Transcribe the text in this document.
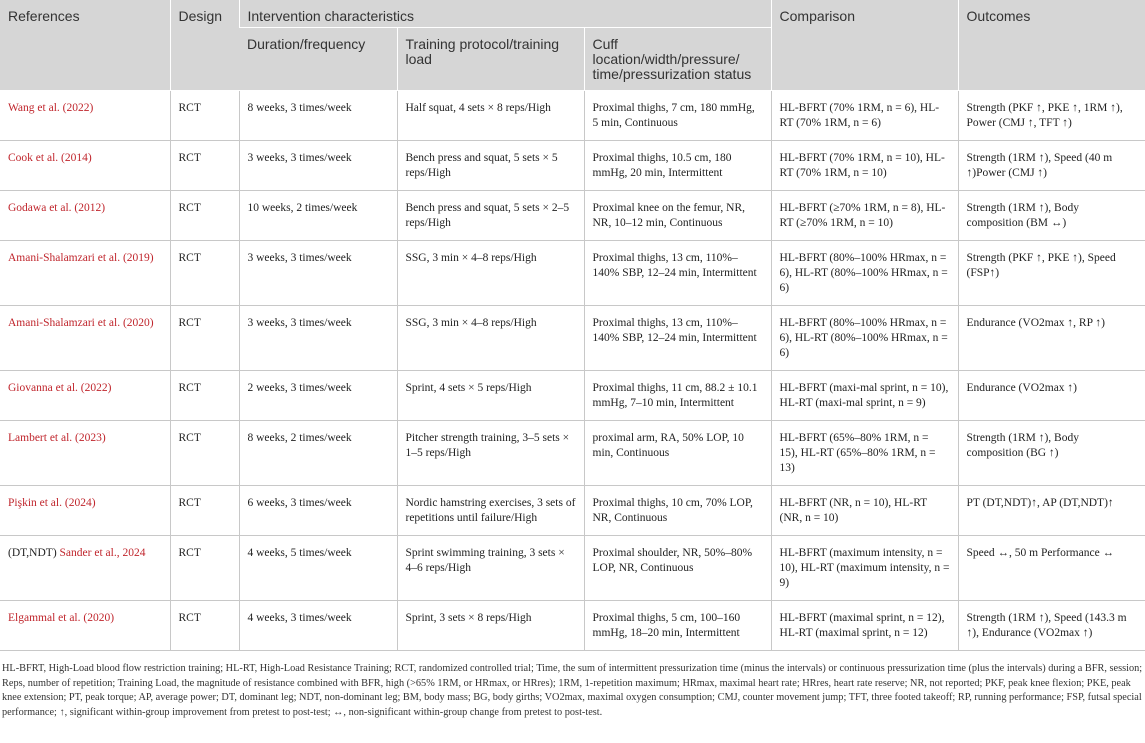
References	Design	Intervention characteristics			Comparison	Outcomes
		Duration/frequency	Training protocol/training load	Cuff location/width/pressure/ time/pressurization status		
Wang et al. (2022)	RCT	8 weeks, 3 times/week	Half squat, 4 sets × 8 reps/High	Proximal thighs, 7 cm, 180 mmHg, 5 min, Continuous	HL-BFRT (70% 1RM, n = 6), HL-RT (70% 1RM, n = 6)	Strength (PKF ↑, PKE ↑, 1RM ↑), Power (CMJ ↑, TFT ↑)
Cook et al. (2014)	RCT	3 weeks, 3 times/week	Bench press and squat, 5 sets × 5 reps/High	Proximal thighs, 10.5 cm, 180 mmHg, 20 min, Intermittent	HL-BFRT (70% 1RM, n = 10), HL-RT (70% 1RM, n = 10)	Strength (1RM ↑), Speed (40 m ↑)Power (CMJ ↑)
Godawa et al. (2012)	RCT	10 weeks, 2 times/week	Bench press and squat, 5 sets × 2–5 reps/High	Proximal knee on the femur, NR, NR, 10–12 min, Continuous	HL-BFRT (≥70% 1RM, n = 8), HL-RT (≥70% 1RM, n = 10)	Strength (1RM ↑), Body composition (BM ↔)
Amani-Shalamzari et al. (2019)	RCT	3 weeks, 3 times/week	SSG, 3 min × 4–8 reps/High	Proximal thighs, 13 cm, 110%–140% SBP, 12–24 min, Intermittent	HL-BFRT (80%–100% HRmax, n = 6), HL-RT (80%–100% HRmax, n = 6)	Strength (PKF ↑, PKE ↑), Speed (FSP↑)
Amani-Shalamzari et al. (2020)	RCT	3 weeks, 3 times/week	SSG, 3 min × 4–8 reps/High	Proximal thighs, 13 cm, 110%–140% SBP, 12–24 min, Intermittent	HL-BFRT (80%–100% HRmax, n = 6), HL-RT (80%–100% HRmax, n = 6)	Endurance (VO2max ↑, RP ↑)
Giovanna et al. (2022)	RCT	2 weeks, 3 times/week	Sprint, 4 sets × 5 reps/High	Proximal thighs, 11 cm, 88.2 ± 10.1 mmHg, 7–10 min, Intermittent	HL-BFRT (maxi-mal sprint, n = 10), HL-RT (maxi-mal sprint, n = 9)	Endurance (VO2max ↑)
Lambert et al. (2023)	RCT	8 weeks, 2 times/week	Pitcher strength training, 3–5 sets × 1–5 reps/High	proximal arm, RA, 50% LOP, 10 min, Continuous	HL-BFRT (65%–80% 1RM, n = 15), HL-RT (65%–80% 1RM, n = 13)	Strength (1RM ↑), Body composition (BG ↑)
Pişkin et al. (2024)	RCT	6 weeks, 3 times/week	Nordic hamstring exercises, 3 sets of repetitions until failure/High	Proximal thighs, 10 cm, 70% LOP, NR, Continuous	HL-BFRT (NR, n = 10), HL-RT (NR, n = 10)	PT (DT,NDT)↑, AP (DT,NDT)↑
(DT,NDT) Sander et al., 2024	RCT	4 weeks, 5 times/week	Sprint swimming training, 3 sets × 4–6 reps/High	Proximal shoulder, NR, 50%–80% LOP, NR, Continuous	HL-BFRT (maximum intensity, n = 10), HL-RT (maximum intensity, n = 9)	Speed ↔, 50 m Performance ↔
Elgammal et al. (2020)	RCT	4 weeks, 3 times/week	Sprint, 3 sets × 8 reps/High	Proximal thighs, 5 cm, 100–160 mmHg, 18–20 min, Intermittent	HL-BFRT (maximal sprint, n = 12), HL-RT (maximal sprint, n = 12)	Strength (1RM ↑), Speed (143.3 m ↑), Endurance (VO2max ↑)

HL-BFRT, High-Load blood flow restriction training; HL-RT, High-Load Resistance Training; RCT, randomized controlled trial; Time, the sum of intermittent pressurization time (minus the intervals) or continuous pressurization time (plus the intervals) during a BFR, session; Reps, number of repetition; Training Load, the magnitude of resistance combined with BFR, high (>65% 1RM, or HRmax, or HRres); 1RM, 1-repetition maximum; HRmax, maximal heart rate; HRres, heart rate reserve; NR, not reported; PKF, peak knee flexion; PKE, peak knee extension; PT, peak torque; AP, average power; DT, dominant leg; NDT, non-dominant leg; BM, body mass; BG, body girths; VO2max, maximal oxygen consumption; CMJ, counter movement jump; TFT, three footed takeoff; RP, running performance; FSP, futsal special performance; ↑, significant within-group improvement from pretest to post-test; ↔, non-significant within-group change from pretest to post-test.
